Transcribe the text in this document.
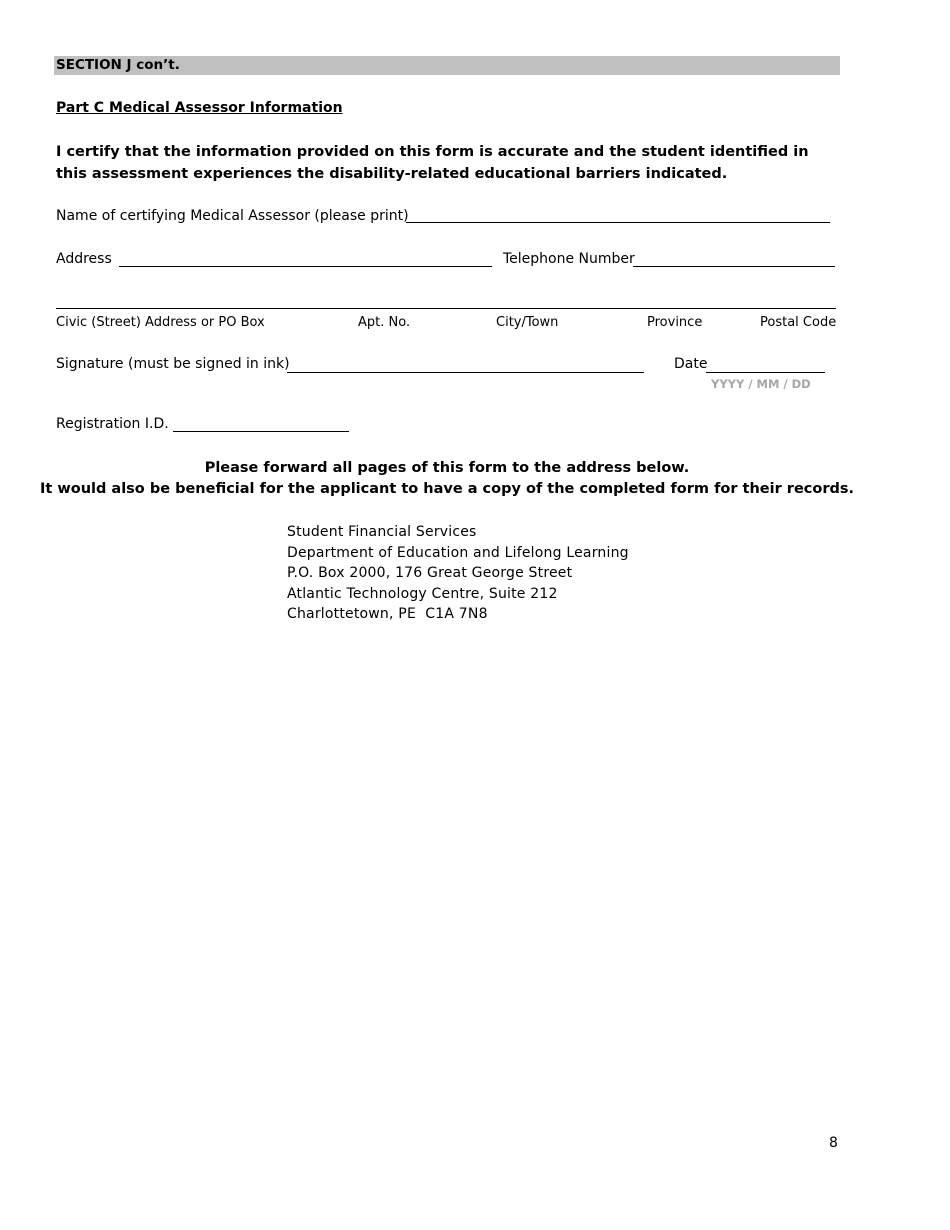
SECTION J con’t.
Part C Medical Assessor Information
I certify that the information provided on this form is accurate and the student identified in this assessment experiences the disability-related educational barriers indicated.
Name of certifying Medical Assessor (please print)
Address	Telephone Number
Civic (Street) Address or PO Box	Apt. No.	City/Town	Province	Postal Code
Signature (must be signed in ink)	Date
YYYY / MM / DD
Registration I.D.
Please forward all pages of this form to the address below.
It would also be beneficial for the applicant to have a copy of the completed form for their records.
Student Financial Services
Department of Education and Lifelong Learning
P.O. Box 2000, 176 Great George Street
Atlantic Technology Centre, Suite 212
Charlottetown, PE  C1A 7N8
8
